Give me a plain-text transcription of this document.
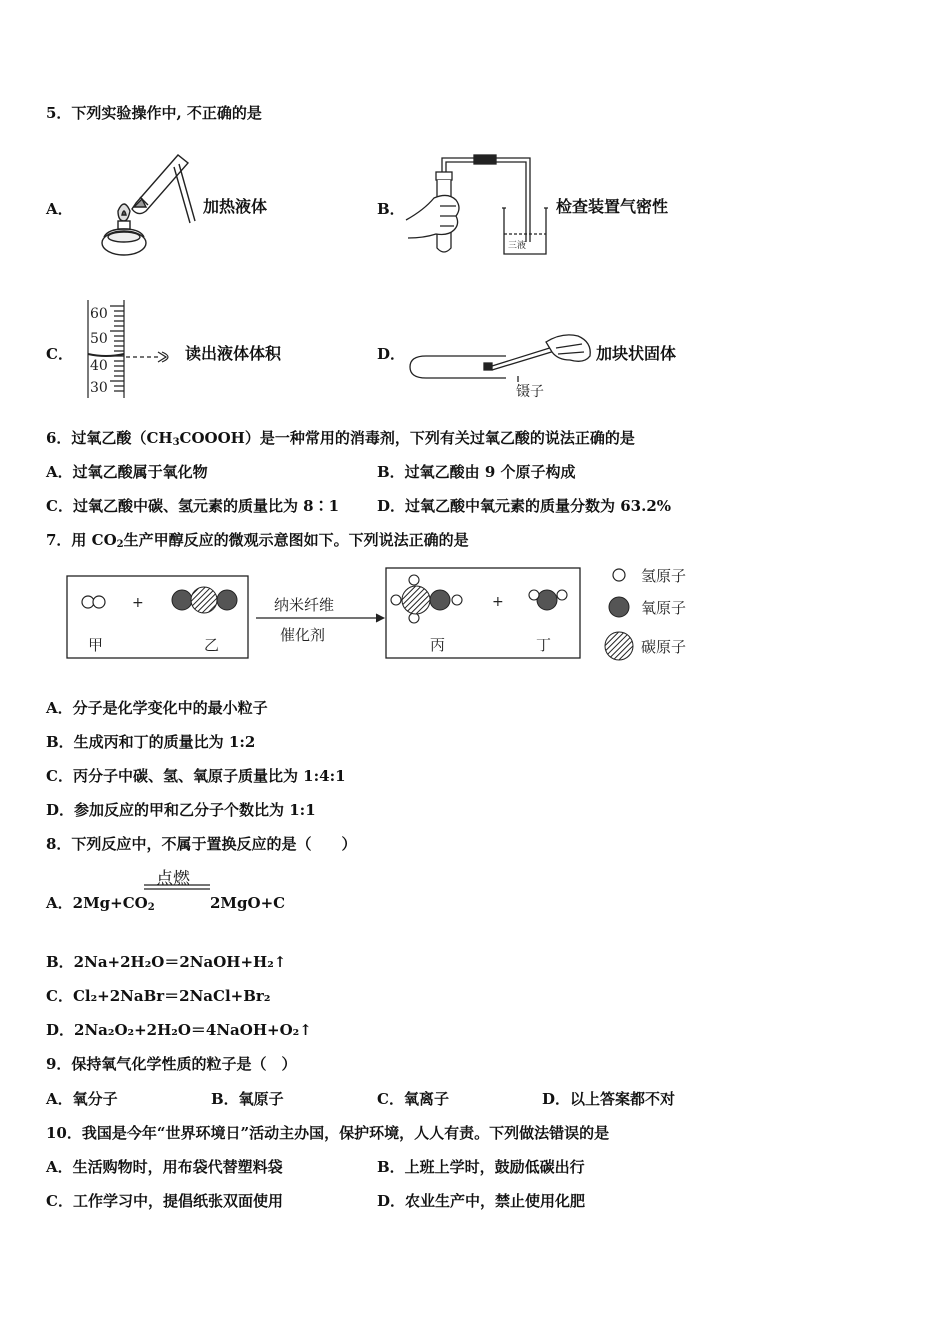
5．下列实验操作中, 不正确的是
A．	加热液体	B．
三液
检查装置气密性
C．
60
50
40
30
读出液体体积	D．
镊子
加块状固体
6．过氧乙酸$(CH_3COOOH)$是一种常用的消毒剂，下列有关过氧乙酸的说法正确的是
A．过氧乙酸属于氧化物	B．过氧乙酸由 9 个原子构成
C．过氧乙酸中碳、氢元素的质量比为 8∶1	D．过氧乙酸中氧元素的质量分数为 63.2%
7．用 $CO_2$生产甲醇反应的微观示意图如下。下列说法正确的是
+
甲	乙
纳米纤维
催化剂
+
丙	丁
氢原子
氧原子
碳原子
A．分子是化学变化中的最小粒子
B．生成丙和丁的质量比为 1:2
C．丙分子中碳、氢、氧原子质量比为 1:4:1
D．参加反应的甲和乙分子个数比为 1:1
8．下列反应中，不属于置换反应的是（　　）
点燃
A．$2Mg+CO_2$	2MgO+C
B．2Na+2H₂O＝2NaOH+H₂↑
C．Cl₂+2NaBr＝2NaCl+Br₂
D．2Na₂O₂+2H₂O＝4NaOH+O₂↑
9．保持氧气化学性质的粒子是（　）
A．氧分子	B．氧原子	C．氧离子	D．以上答案都不对
10．我国是今年“世界环境日”活动主办国，保护环境，人人有责。下列做法错误的是
A．生活购物时，用布袋代替塑料袋	B．上班上学时，鼓励低碳出行
C．工作学习中，提倡纸张双面使用	D．农业生产中，禁止使用化肥
